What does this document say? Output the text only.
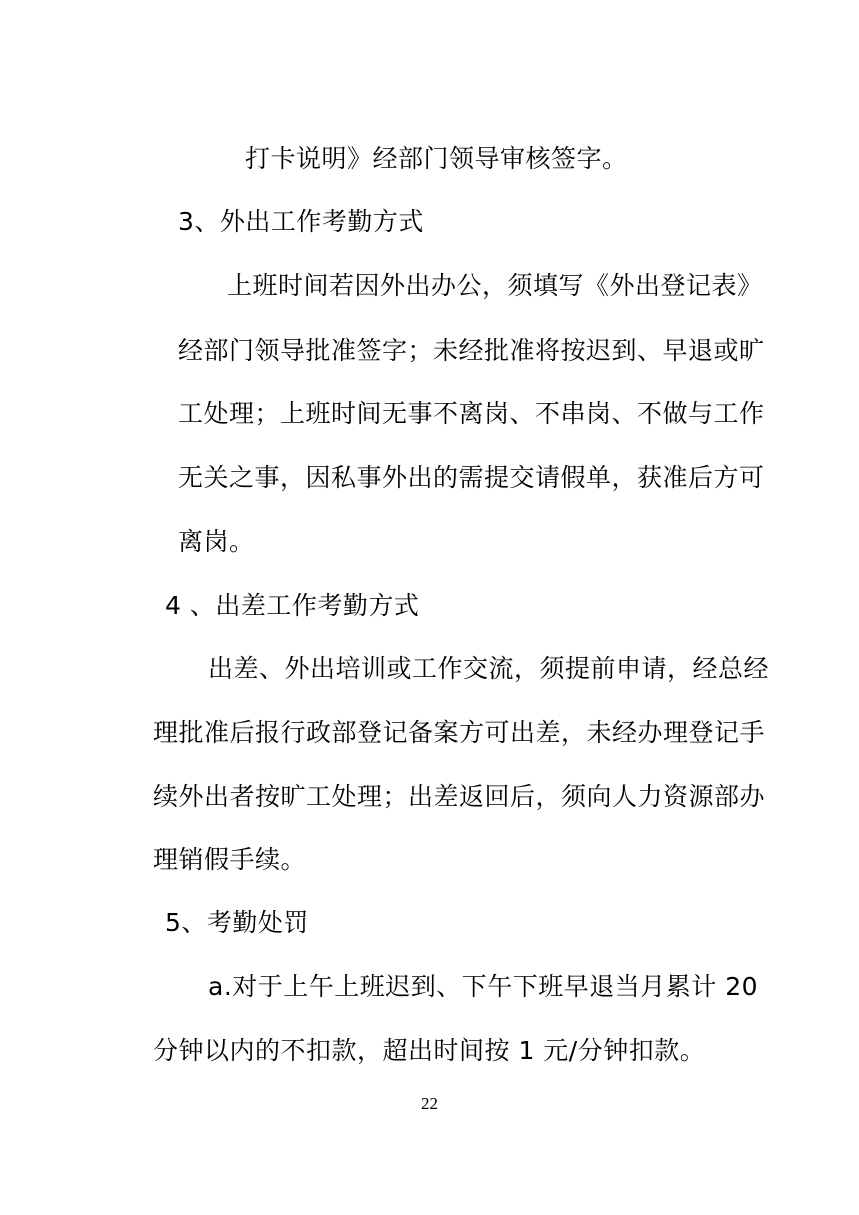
打卡说明》经部门领导审核签字。
3、外出工作考勤方式
上班时间若因外出办公，须填写《外出登记表》
经部门领导批准签字；未经批准将按迟到、早退或旷
工处理；上班时间无事不离岗、不串岗、不做与工作
无关之事，因私事外出的需提交请假单，获准后方可
离岗。
4 、出差工作考勤方式
出差、外出培训或工作交流，须提前申请，经总经
理批准后报行政部登记备案方可出差，未经办理登记手
续外出者按旷工处理；出差返回后，须向人力资源部办
理销假手续。
5、考勤处罚
a.对于上午上班迟到、下午下班早退当月累计 20
分钟以内的不扣款，超出时间按 1 元/分钟扣款。
22
